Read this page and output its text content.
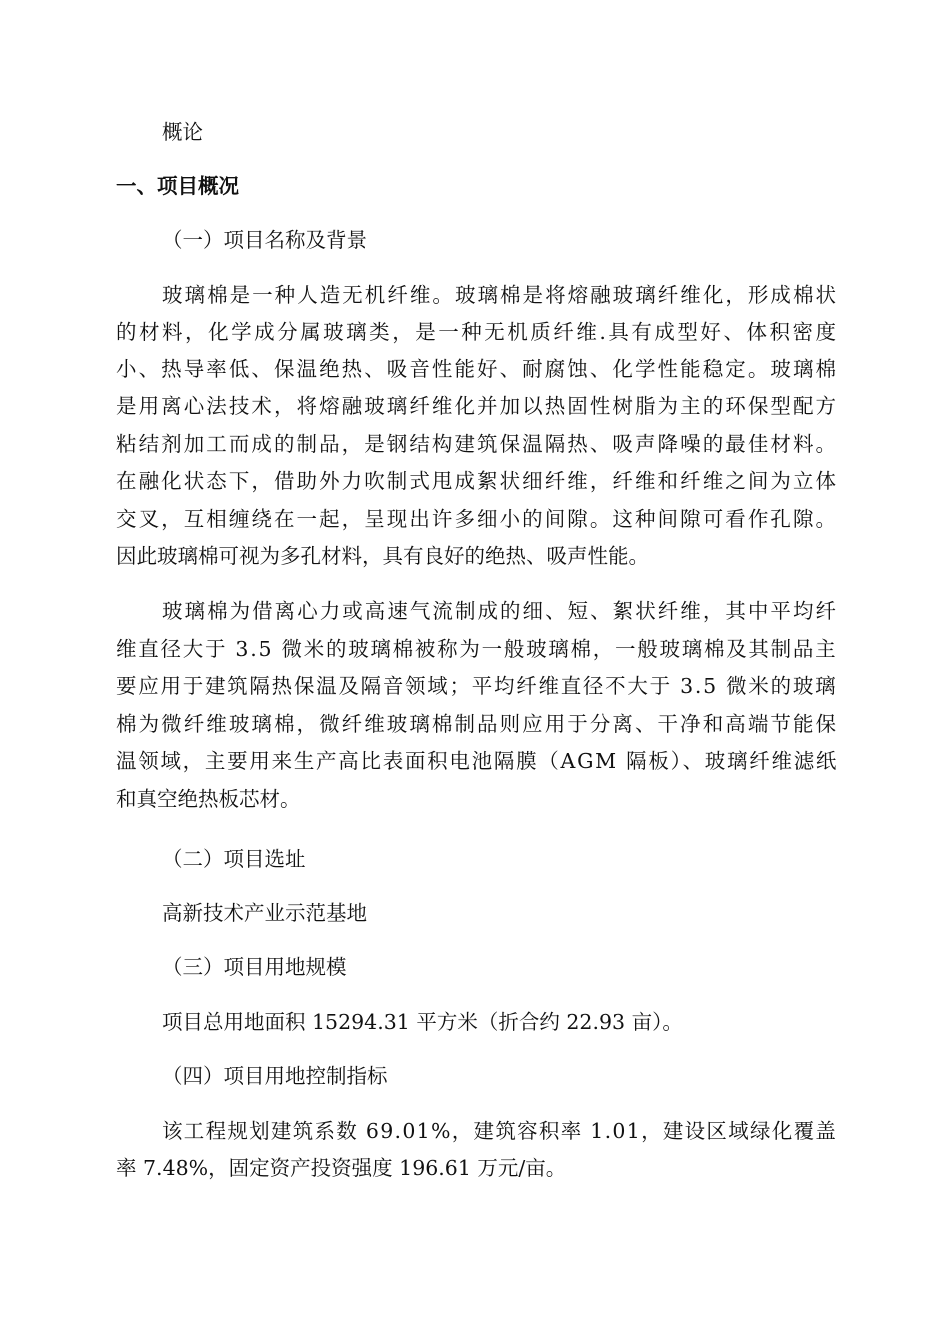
概论
一、项目概况
（一）项目名称及背景
玻璃棉是一种人造无机纤维。玻璃棉是将熔融玻璃纤维化，形成棉状
的材料，化学成分属玻璃类，是一种无机质纤维.具有成型好、体积密度
小、热导率低、保温绝热、吸音性能好、耐腐蚀、化学性能稳定。玻璃棉
是用离心法技术，将熔融玻璃纤维化并加以热固性树脂为主的环保型配方
粘结剂加工而成的制品，是钢结构建筑保温隔热、吸声降噪的最佳材料。
在融化状态下，借助外力吹制式甩成絮状细纤维，纤维和纤维之间为立体
交叉，互相缠绕在一起，呈现出许多细小的间隙。这种间隙可看作孔隙。
因此玻璃棉可视为多孔材料，具有良好的绝热、吸声性能。
玻璃棉为借离心力或高速气流制成的细、短、絮状纤维，其中平均纤
维直径大于 3.5 微米的玻璃棉被称为一般玻璃棉，一般玻璃棉及其制品主
要应用于建筑隔热保温及隔音领域；平均纤维直径不大于 3.5 微米的玻璃
棉为微纤维玻璃棉，微纤维玻璃棉制品则应用于分离、干净和高端节能保
温领域，主要用来生产高比表面积电池隔膜（AGM 隔板）、玻璃纤维滤纸
和真空绝热板芯材。
（二）项目选址
高新技术产业示范基地
（三）项目用地规模
项目总用地面积 15294.31 平方米（折合约 22.93 亩）。
（四）项目用地控制指标
该工程规划建筑系数 69.01%，建筑容积率 1.01，建设区域绿化覆盖
率 7.48%，固定资产投资强度 196.61 万元/亩。
